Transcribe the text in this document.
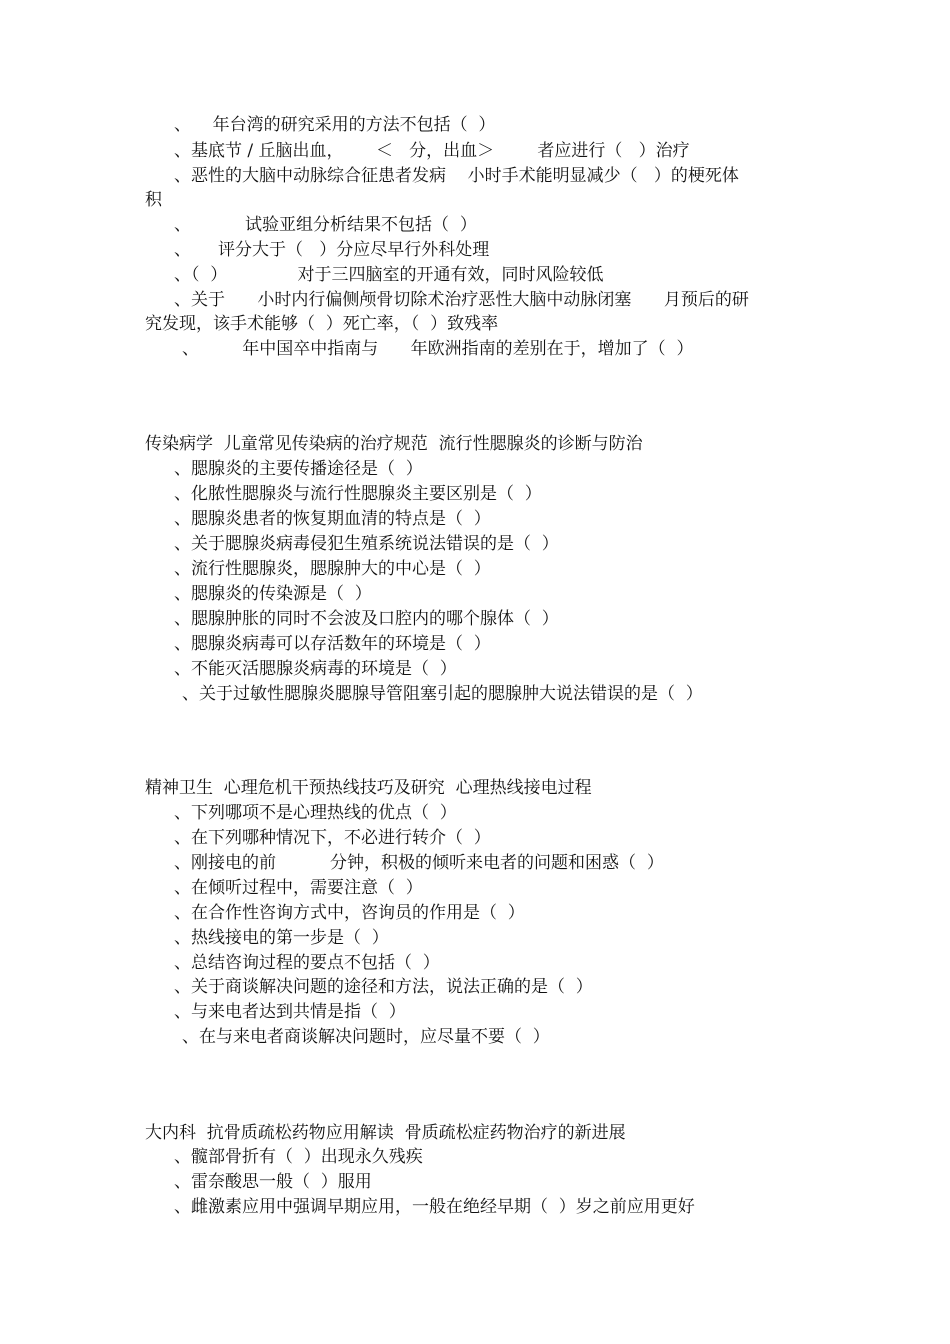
、    年台湾的研究采用的方法不包括（  ）
、基底节 / 丘脑出血，      ＜   分，出血＞        者应进行（   ）治疗
、恶性的大脑中动脉综合征患者发病    小时手术能明显减少（   ）的梗死体
积
、          试验亚组分析结果不包括（  ）
、     评分大于（   ）分应尽早行外科处理
、（  ）             对于三四脑室的开通有效，同时风险较低
、关于      小时内行偏侧颅骨切除术治疗恶性大脑中动脉闭塞      月预后的研
究发现，该手术能够（  ）死亡率，（  ）致残率
、        年中国卒中指南与      年欧洲指南的差别在于，增加了（  ）
传染病学  儿童常见传染病的治疗规范  流行性腮腺炎的诊断与防治
、腮腺炎的主要传播途径是（  ）
、化脓性腮腺炎与流行性腮腺炎主要区别是（  ）
、腮腺炎患者的恢复期血清的特点是（  ）
、关于腮腺炎病毒侵犯生殖系统说法错误的是（  ）
、流行性腮腺炎，腮腺肿大的中心是（  ）
、腮腺炎的传染源是（  ）
、腮腺肿胀的同时不会波及口腔内的哪个腺体（  ）
、腮腺炎病毒可以存活数年的环境是（  ）
、不能灭活腮腺炎病毒的环境是（  ）
、关于过敏性腮腺炎腮腺导管阻塞引起的腮腺肿大说法错误的是（  ）
精神卫生  心理危机干预热线技巧及研究  心理热线接电过程
、下列哪项不是心理热线的优点（  ）
、在下列哪种情况下，不必进行转介（  ）
、刚接电的前          分钟，积极的倾听来电者的问题和困惑（  ）
、在倾听过程中，需要注意（  ）
、在合作性咨询方式中，咨询员的作用是（  ）
、热线接电的第一步是（  ）
、总结咨询过程的要点不包括（  ）
、关于商谈解决问题的途径和方法，说法正确的是（  ）
、与来电者达到共情是指（  ）
、在与来电者商谈解决问题时，应尽量不要（  ）
大内科  抗骨质疏松药物应用解读  骨质疏松症药物治疗的新进展
、髋部骨折有（  ）出现永久残疾
、雷奈酸思一般（  ）服用
、雌激素应用中强调早期应用，一般在绝经早期（  ）岁之前应用更好
